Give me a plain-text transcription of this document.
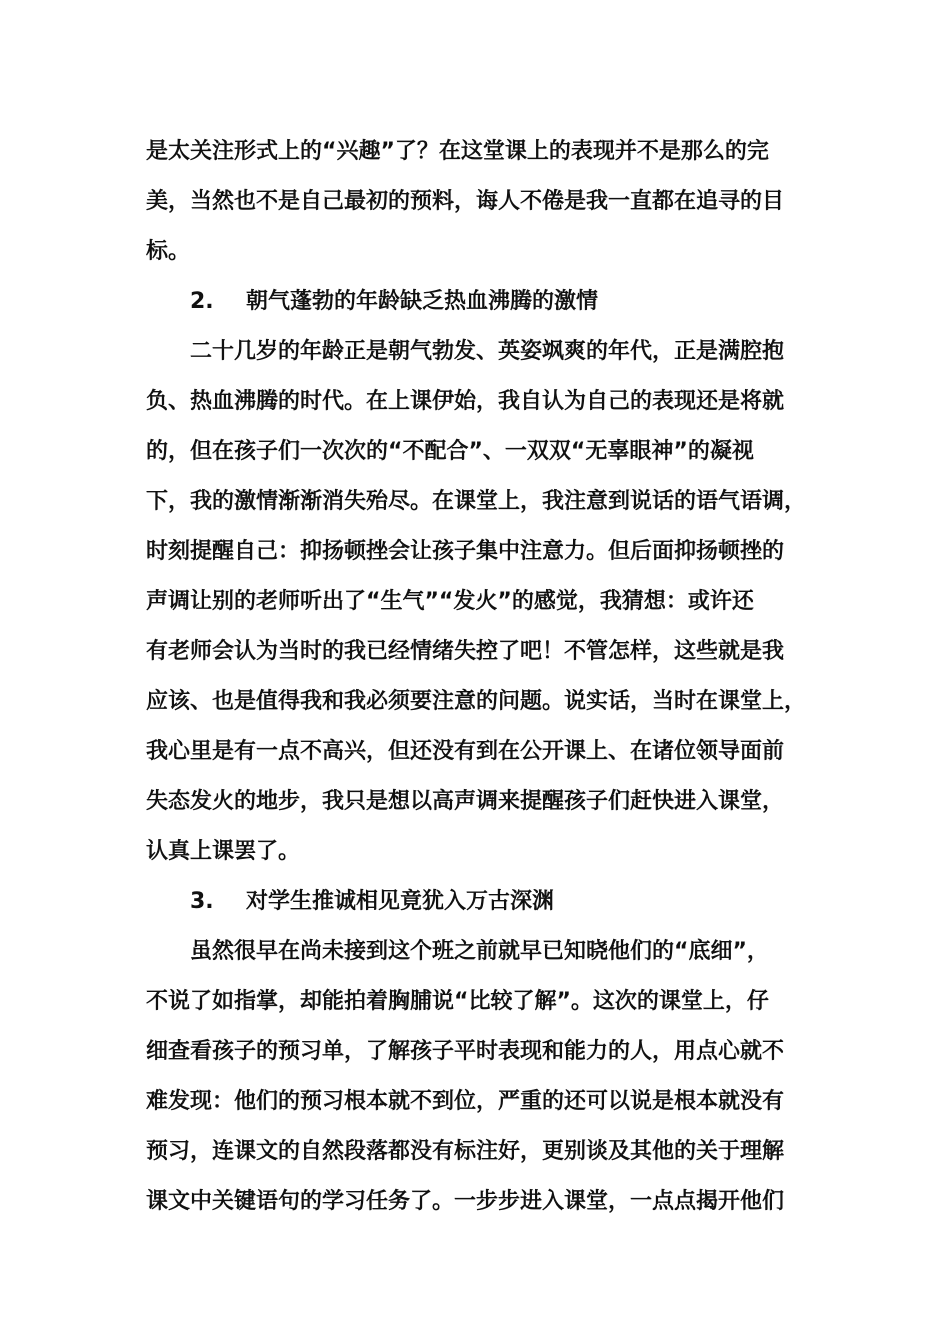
是太关注形式上的“兴趣”了？在这堂课上的表现并不是那么的完
美，当然也不是自己最初的预料，诲人不倦是我一直都在追寻的目
标。
2. 朝气蓬勃的年龄缺乏热血沸腾的激情
二十几岁的年龄正是朝气勃发、英姿飒爽的年代，正是满腔抱
负、热血沸腾的时代。在上课伊始，我自认为自己的表现还是将就
的，但在孩子们一次次的“不配合”、一双双“无辜眼神”的凝视
下，我的激情渐渐消失殆尽。在课堂上，我注意到说话的语气语调，
时刻提醒自己：抑扬顿挫会让孩子集中注意力。但后面抑扬顿挫的
声调让别的老师听出了“生气”“发火”的感觉，我猜想：或许还
有老师会认为当时的我已经情绪失控了吧！不管怎样，这些就是我
应该、也是值得我和我必须要注意的问题。说实话，当时在课堂上，
我心里是有一点不高兴，但还没有到在公开课上、在诸位领导面前
失态发火的地步，我只是想以高声调来提醒孩子们赶快进入课堂，
认真上课罢了。
3. 对学生推诚相见竟犹入万古深渊
虽然很早在尚未接到这个班之前就早已知晓他们的“底细”，
不说了如指掌，却能拍着胸脯说“比较了解”。这次的课堂上，仔
细查看孩子的预习单，了解孩子平时表现和能力的人，用点心就不
难发现：他们的预习根本就不到位，严重的还可以说是根本就没有
预习，连课文的自然段落都没有标注好，更别谈及其他的关于理解
课文中关键语句的学习任务了。一步步进入课堂，一点点揭开他们
